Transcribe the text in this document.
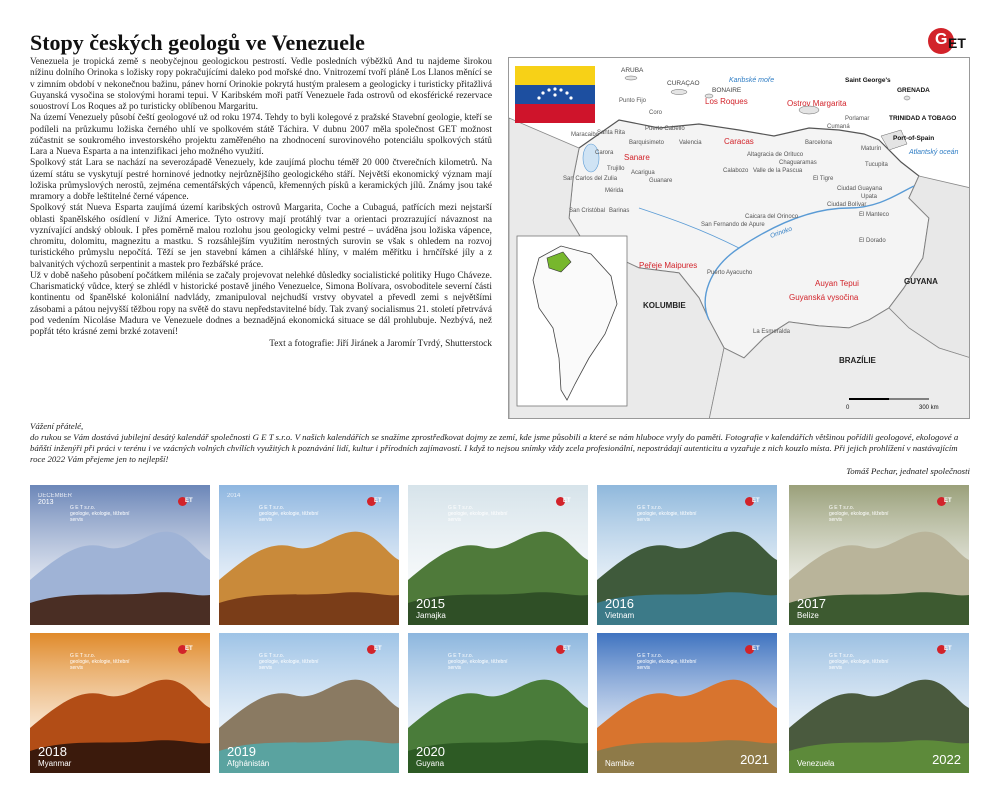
Stopy českých geologů ve Venezuele	G ET

Venezuela je tropická země s neobyčejnou geologickou pestrostí. Vedle posledních výběžků And tu najdeme širokou nížinu dolního Orinoka s ložisky ropy pokračujícími daleko pod mořské dno. Vnitrozemí tvoří pláně Los Llanos měnící se v zimním období v nekonečnou bažinu, pánev horní Orinokie pokrytá hustým pralesem a geologicky i turisticky přitažlivá Guyanská vysočina se stolovými horami tepui. V Karibském moři patří Venezuele řada ostrovů od ekosférické rezervace souostroví Los Roques až po turisticky oblíbenou Margaritu.

Na území Venezuely působí čeští geologové už od roku 1974. Tehdy to byli kolegové z pražské Stavební geologie, kteří se podíleli na průzkumu ložiska černého uhlí ve spolkovém státě Táchira. V dubnu 2007 měla společnost GET možnost zúčastnit se soukromého investorského projektu zaměřeného na zhodnocení surovinového potenciálu spolkových států Lara a Nueva Esparta a na intenzifikaci jeho možného využití.

Spolkový stát Lara se nachází na severozápadě Venezuely, kde zaujímá plochu téměř 20 000 čtverečních kilometrů. Na území státu se vyskytují pestré horninové jednotky nejrůznějšího geologického stáří. Největší ekonomický význam mají ložiska průmyslových nerostů, zejména cementářských vápenců, křemenných písků a keramických jílů. Známy jsou také mramory a dobře leštitelné černé vápence.

Spolkový stát Nueva Esparta zaujímá území karibských ostrovů Margarita, Coche a Cubaguá, patřících mezi nejstarší oblasti španělského osídlení v Jižní Americe. Tyto ostrovy mají protáhlý tvar a orientaci prozrazující návaznost na vyznívající andský oblouk. I přes poměrně malou rozlohu jsou geologicky velmi pestré – uváděna jsou ložiska vápence, chromitu, dolomitu, magnezitu a mastku. S rozsáhlejším využitím nerostných surovin se však s ohledem na rozvoj turistického průmyslu nepočítá. Těží se jen stavební kámen a cihlářské hlíny, v malém měřítku i hrnčířské jíly a z balvanitých výchozů serpentinit a mastek pro řezbářské práce.

Už v době našeho působení počátkem milénia se začaly projevovat nelehké důsledky socialistické politiky Hugo Cháveze. Charismatický vůdce, který se zhlédl v historické postavě jiného Venezuelce, Simona Bolívara, osvoboditele severní části kontinentu od španělské koloniální nadvlády, zmanipuloval nejchudší vrstvy obyvatel a převedl zemi s největšími zásobami a pátou nejvyšší těžbou ropy na světě do stavu nepředstavitelné bídy. Tak zvaný socialismus 21. století přetrvává pod vedením Nicoláse Madura ve Venezuele dodnes a beznadějná ekonomická situace se dál prohlubuje. Nezbývá, než popřát této krásné zemi brzké zotavení!

Text a fotografie: Jiří Jiránek a Jaromír Tvrdý, Shutterstock

ARUBA
CURAÇAO
BONAIRE
Saint George's
GRENADA
TRINIDAD A TOBAGO
Port-of-Spain
Karibské moře
Atlantský oceán
Los Roques
Caracas
Ostrov Margarita
Sanare
Auyan Tepui
Peřeje Maipures
Guyanská vysočina
GUYANA
KOLUMBIE
BRAZÍLIE
Punto Fijo
Coro
Maracaibo
Santa Rita
Puerto Cabello
Valencia
Barquisimeto
Carora
Acarigua
Trujillo
Mérida
San Carlos del Zulia
Barinas
San Cristóbal
Guanare
Cumaná
Barcelona
Maturín
Porlamar
Altagracia de Orituco
Chaguaramas
Calabozo Valle de la Pascua
El Tigre
Ciudad Guayana
Ciudad Bolívar
Upata
Tucupita
El Manteco
El Dorado
San Fernando de Apure
Caicara del Orinoco
Puerto Ayacucho
La Esmeralda
Orinoko
0	300 km

Vážení přátelé,

do rukou se Vám dostává jubilejní desátý kalendář společnosti G E T s.r.o. V našich kalendářích se snažíme zprostředkovat dojmy ze zemí, kde jsme působili a které se nám hluboce vryly do paměti. Fotografie v kalendářích většinou pořídili geologové, ekologové a báňští inženýři při práci v terénu i ve vzácných volných chvílích využitých k poznávání lidí, kultur i přírodních zajímavostí. I když to nejsou snímky vždy zcela profesionální, nepostrádají autenticitu a vyzařuje z nich kouzlo místa. Při jejich prohlížení v nastávajícím roce 2022 Vám přejeme jen to nejlepší!

Tomáš Pechar, jednatel společnosti

ET
G E T s.r.o.
geologie, ekologie, těžební servis
DECEMBER
2013	ET
G E T s.r.o.
geologie, ekologie, těžební servis
2014
ET
G E T s.r.o.
geologie, ekologie, těžební servis
2015
Jamajka
ET
G E T s.r.o.
geologie, ekologie, těžební servis
2016
Vietnam
ET
G E T s.r.o.
geologie, ekologie, těžební servis
2017
Belize
ET
G E T s.r.o.
geologie, ekologie, těžební servis
2018
Myanmar
ET
G E T s.r.o.
geologie, ekologie, těžební servis
2019
Afghánistán
ET
G E T s.r.o.
geologie, ekologie, těžební servis
2020
Guyana
ET
G E T s.r.o.
geologie, ekologie, těžební servis
2021
Namibie
ET
G E T s.r.o.
geologie, ekologie, těžební servis
2022
Venezuela
